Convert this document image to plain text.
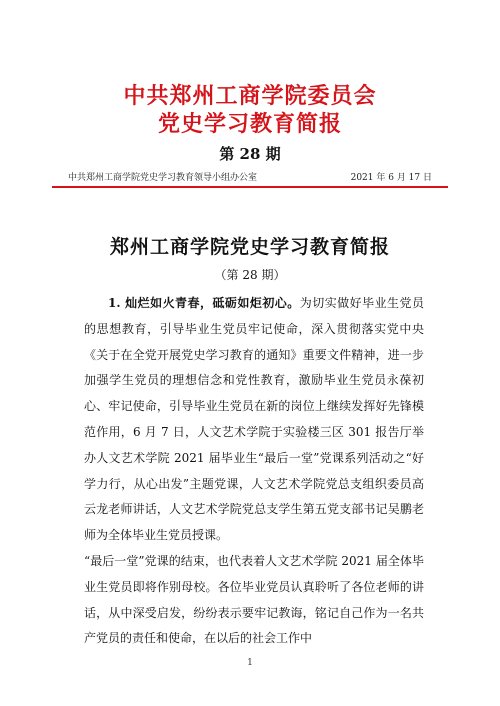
中共郑州工商学院委员会
党史学习教育简报
第 28 期
中共郑州工商学院党史学习教育领导小组办公室	2021 年 6 月 17 日
郑州工商学院党史学习教育简报
（第 28 期）
1. 灿烂如火青春，砥砺如炬初心。为切实做好毕业生党员的思想教育，引导毕业生党员牢记使命，深入贯彻落实党中央《关于在全党开展党史学习教育的通知》重要文件精神，进一步加强学生党员的理想信念和党性教育，激励毕业生党员永葆初心、牢记使命，引导毕业生党员在新的岗位上继续发挥好先锋模范作用，6 月 7 日，人文艺术学院于实验楼三区 301 报告厅举办人文艺术学院 2021 届毕业生“最后一堂”党课系列活动之“好学力行，从心出发”主题党课，人文艺术学院党总支组织委员高云龙老师讲话，人文艺术学院党总支学生第五党支部书记吴鹏老师为全体毕业生党员授课。
“最后一堂”党课的结束，也代表着人文艺术学院 2021 届全体毕业生党员即将作别母校。各位毕业党员认真聆听了各位老师的讲话，从中深受启发，纷纷表示要牢记教诲，铭记自己作为一名共产党员的责任和使命，在以后的社会工作中
1
